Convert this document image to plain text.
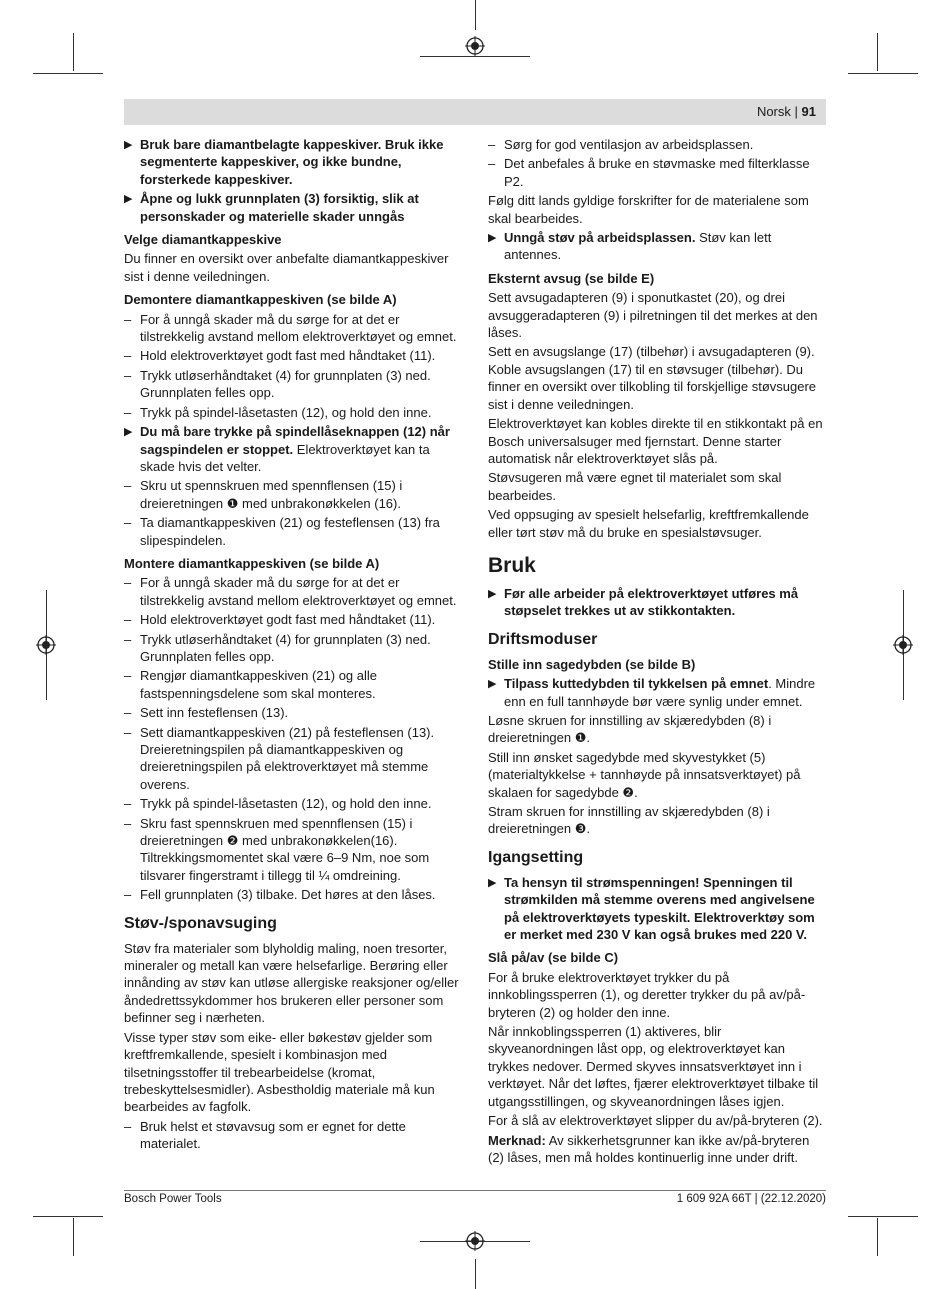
Norsk | 91
▶ Bruk bare diamantbelagte kappeskiver. Bruk ikke segmenterte kappeskiver, og ikke bundne, forsterkede kappeskiver.
▶ Åpne og lukk grunnplaten (3) forsiktig, slik at personskader og materielle skader unngås
Velge diamantkappeskive
Du finner en oversikt over anbefalte diamantkappeskiver sist i denne veiledningen.
Demontere diamantkappeskiven (se bilde A)
– For å unngå skader må du sørge for at det er tilstrekkelig avstand mellom elektroverktøyet og emnet.
– Hold elektroverktøyet godt fast med håndtaket (11).
– Trykk utløserhåndtaket (4) for grunnplaten (3) ned. Grunnplaten felles opp.
– Trykk på spindel-låsetasten (12), og hold den inne.
▶ Du må bare trykke på spindellåseknappen (12) når sagspindelen er stoppet. Elektroverktøyet kan ta skade hvis det velter.
– Skru ut spennskruen med spennflensen (15) i dreieretningen ❶ med unbrakonøkkelen (16).
– Ta diamantkappeskiven (21) og festeflensen (13) fra slipespindelen.
Montere diamantkappeskiven (se bilde A)
– For å unngå skader må du sørge for at det er tilstrekkelig avstand mellom elektroverktøyet og emnet.
– Hold elektroverktøyet godt fast med håndtaket (11).
– Trykk utløserhåndtaket (4) for grunnplaten (3) ned. Grunnplaten felles opp.
– Rengjør diamantkappeskiven (21) og alle fastspenningsdelene som skal monteres.
– Sett inn festeflensen (13).
– Sett diamantkappeskiven (21) på festeflensen (13). Dreieretningspilen på diamantkappeskiven og dreieretningspilen på elektroverktøyet må stemme overens.
– Trykk på spindel-låsetasten (12), og hold den inne.
– Skru fast spennskruen med spennflensen (15) i dreieretningen ❷ med unbrakonøkkelen(16). Tiltrekkingsmomentet skal være 6–9 Nm, noe som tilsvarer fingerstramt i tillegg til ¼ omdreining.
– Fell grunnplaten (3) tilbake. Det høres at den låses.
Støv-/sponavsuging
Støv fra materialer som blyholdig maling, noen tresorter, mineraler og metall kan være helsefarlige. Berøring eller innånding av støv kan utløse allergiske reaksjoner og/eller åndedrettssykdommer hos brukeren eller personer som befinner seg i nærheten.
Visse typer støv som eike- eller bøkestøv gjelder som kreftfremkallende, spesielt i kombinasjon med tilsetningsstoffer til trebearbeidelse (kromat, trebeskyttelsesmidler). Asbestholdig materiale må kun bearbeides av fagfolk.
– Bruk helst et støvavsug som er egnet for dette materialet.
– Sørg for god ventilasjon av arbeidsplassen.
– Det anbefales å bruke en støvmaske med filterklasse P2.
Følg ditt lands gyldige forskrifter for de materialene som skal bearbeides.
▶ Unngå støv på arbeidsplassen. Støv kan lett antennes.
Eksternt avsug (se bilde E)
Sett avsugadapteren (9) i sponutkastet (20), og drei avsuggeradapteren (9) i pilretningen til det merkes at den låses.
Sett en avsugslange (17) (tilbehør) i avsugadapteren (9). Koble avsugslangen (17) til en støvsuger (tilbehør). Du finner en oversikt over tilkobling til forskjellige støvsugere sist i denne veiledningen.
Elektroverktøyet kan kobles direkte til en stikkontakt på en Bosch universalsuger med fjernstart. Denne starter automatisk når elektroverktøyet slås på.
Støvsugeren må være egnet til materialet som skal bearbeides.
Ved oppsuging av spesielt helsefarlig, kreftfremkallende eller tørt støv må du bruke en spesialstøvsuger.
Bruk
▶ Før alle arbeider på elektroverktøyet utføres må støpselet trekkes ut av stikkontakten.
Driftsmoduser
Stille inn sagedybden (se bilde B)
▶ Tilpass kuttedybden til tykkelsen på emnet. Mindre enn en full tannhøyde bør være synlig under emnet.
Løsne skruen for innstilling av skjæredybden (8) i dreieretningen ❶.
Still inn ønsket sagedybde med skyvestykket (5) (materialtykkelse + tannhøyde på innsatsverktøyet) på skalaen for sagedybde ❷.
Stram skruen for innstilling av skjæredybden (8) i dreieretningen ❸.
Igangsetting
▶ Ta hensyn til strømspenningen! Spenningen til strømkilden må stemme overens med angivelsene på elektroverktøyets typeskilt. Elektroverktøy som er merket med 230 V kan også brukes med 220 V.
Slå på/av (se bilde C)
For å bruke elektroverktøyet trykker du på innkoblingssperren (1), og deretter trykker du på av/på-bryteren (2) og holder den inne.
Når innkoblingssperren (1) aktiveres, blir skyveanordningen låst opp, og elektroverktøyet kan trykkes nedover. Dermed skyves innsatsverktøyet inn i verktøyet. Når det løftes, fjærer elektroverktøyet tilbake til utgangsstillingen, og skyveanordningen låses igjen.
For å slå av elektroverktøyet slipper du av/på-bryteren (2).
Merknad: Av sikkerhetsgrunner kan ikke av/på-bryteren (2) låses, men må holdes kontinuerlig inne under drift.
Bosch Power Tools	1 609 92A 66T | (22.12.2020)
